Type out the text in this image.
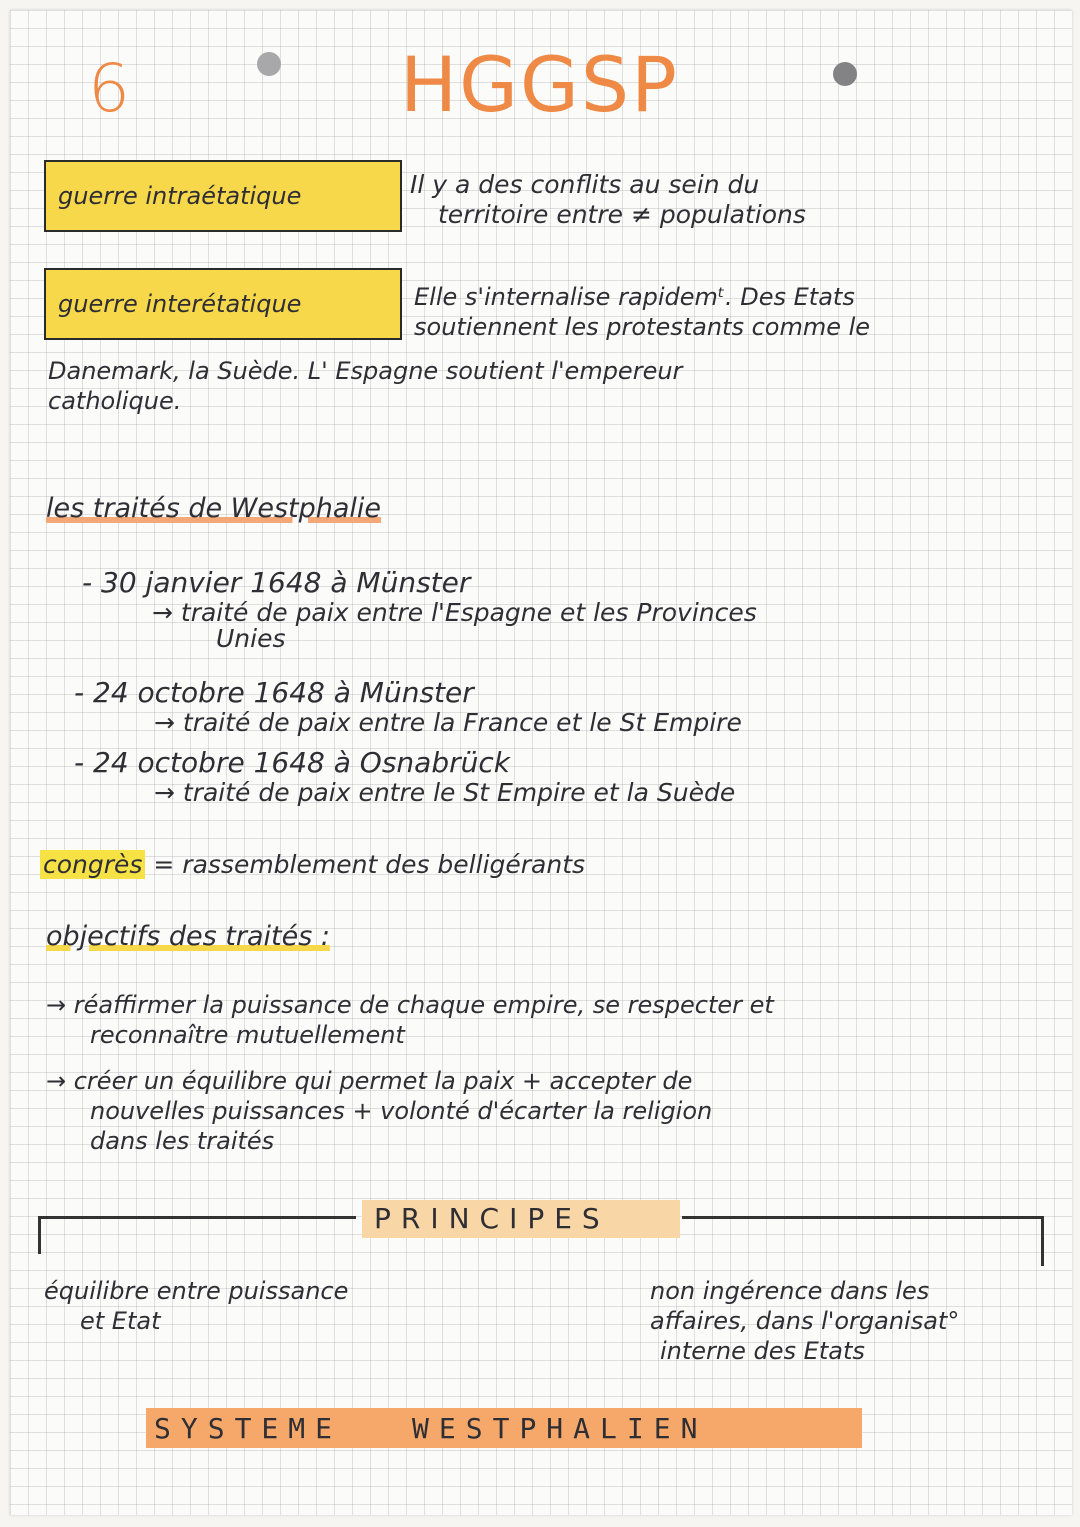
6	HGGSP
guerre intraétatique	Il y a des conflits au sein du
territoire entre ≠ populations
guerre interétatique	Elle s'internalise rapidemᵗ. Des Etats
soutiennent les protestants comme le
Danemark, la Suède. L' Espagne soutient l'empereur
catholique.
les traités de Westphalie
- 30 janvier 1648 à Münster
→ traité de paix entre l'Espagne et les Provinces
Unies
- 24 octobre 1648 à Münster
→ traité de paix entre la France et le St Empire
- 24 octobre 1648 à Osnabrück
→ traité de paix entre le St Empire et la Suède
congrès = rassemblement des belligérants
objectifs des traités :
→ réaffirmer la puissance de chaque empire, se respecter et
reconnaître mutuellement
→ créer un équilibre qui permet la paix + accepter de
nouvelles puissances + volonté d'écarter la religion
dans les traités
PRINCIPES
équilibre entre puissance
et Etat
non ingérence dans les
affaires, dans l'organisat°
interne des Etats
SYSTEME	WESTPHALIEN
